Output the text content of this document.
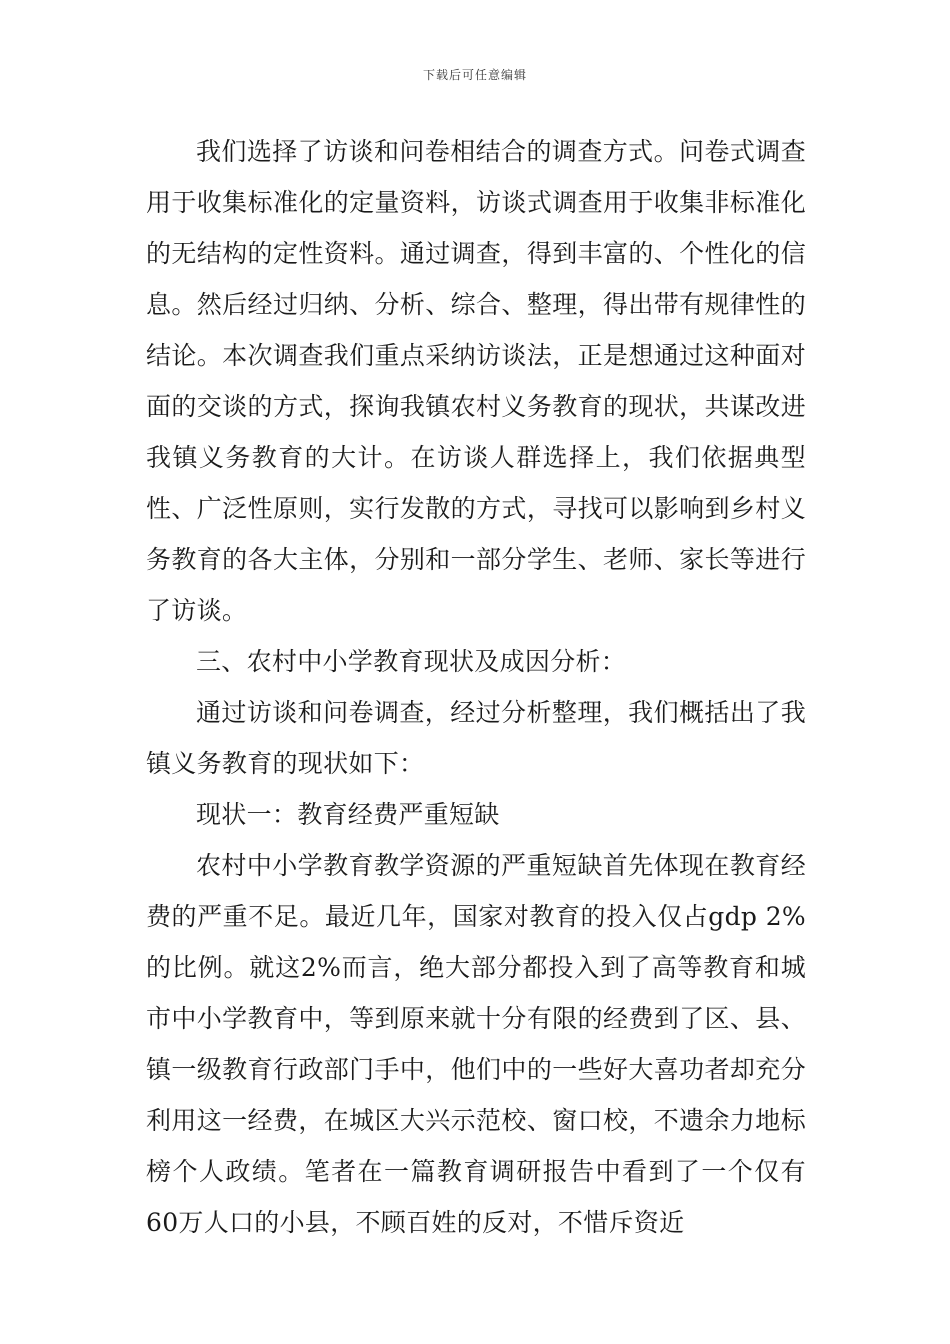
下载后可任意编辑

我们选择了访谈和问卷相结合的调查方式。问卷式调查用于收集标准化的定量资料，访谈式调查用于收集非标准化的无结构的定性资料。通过调查，得到丰富的、个性化的信息。然后经过归纳、分析、综合、整理，得出带有规律性的结论。本次调查我们重点采纳访谈法，正是想通过这种面对面的交谈的方式，探询我镇农村义务教育的现状，共谋改进我镇义务教育的大计。在访谈人群选择上，我们依据典型性、广泛性原则，实行发散的方式，寻找可以影响到乡村义务教育的各大主体，分别和一部分学生、老师、家长等进行了访谈。

三、农村中小学教育现状及成因分析：

通过访谈和问卷调查，经过分析整理，我们概括出了我镇义务教育的现状如下：

现状一：教育经费严重短缺

农村中小学教育教学资源的严重短缺首先体现在教育经费的严重不足。最近几年，国家对教育的投入仅占gdp 2%的比例。就这2%而言，绝大部分都投入到了高等教育和城市中小学教育中，等到原来就十分有限的经费到了区、县、镇一级教育行政部门手中，他们中的一些好大喜功者却充分利用这一经费，在城区大兴示范校、窗口校，不遗余力地标榜个人政绩。笔者在一篇教育调研报告中看到了一个仅有60万人口的小县，不顾百姓的反对，不惜斥资近
